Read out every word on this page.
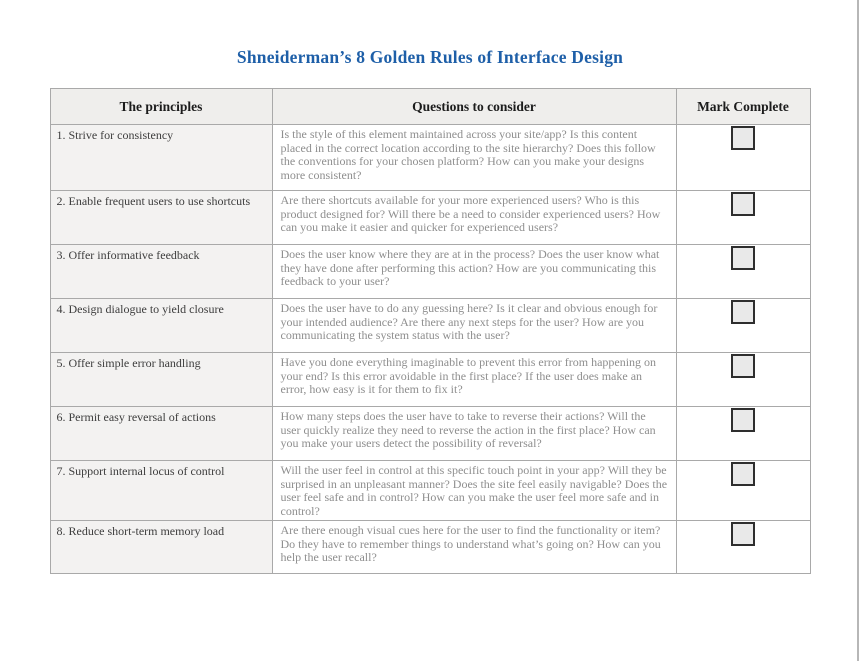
Shneiderman’s 8 Golden Rules of Interface Design
The principles	Questions to consider	Mark Complete
1. Strive for consistency	Is the style of this element maintained across your site/app? Is this content placed in the correct location according to the site hierarchy? Does this follow the conventions for your chosen platform? How can you make your designs more consistent?	

2. Enable frequent users to use shortcuts	Are there shortcuts available for your more experienced users? Who is this product designed for? Will there be a need to consider experienced users? How can you make it easier and quicker for experienced users?	

3. Offer informative feedback	Does the user know where they are at in the process? Does the user know what they have done after performing this action? How are you communicating this feedback to your user?	

4. Design dialogue to yield closure	Does the user have to do any guessing here? Is it clear and obvious enough for your intended audience? Are there any next steps for the user? How are you communicating the system status with the user?	

5. Offer simple error handling	Have you done everything imaginable to prevent this error from happening on your end? Is this error avoidable in the first place? If the user does make an error, how easy is it for them to fix it?	

6. Permit easy reversal of actions	How many steps does the user have to take to reverse their actions? Will the user quickly realize they need to reverse the action in the first place? How can you make your users detect the possibility of reversal?	

7. Support internal locus of control	Will the user feel in control at this specific touch point in your app? Will they be surprised in an unpleasant manner? Does the site feel easily navigable? Does the user feel safe and in control? How can you make the user feel more safe and in control?	

8. Reduce short-term memory load	Are there enough visual cues here for the user to find the functionality or item? Do they have to remember things to understand what’s going on? How can you help the user recall?	
